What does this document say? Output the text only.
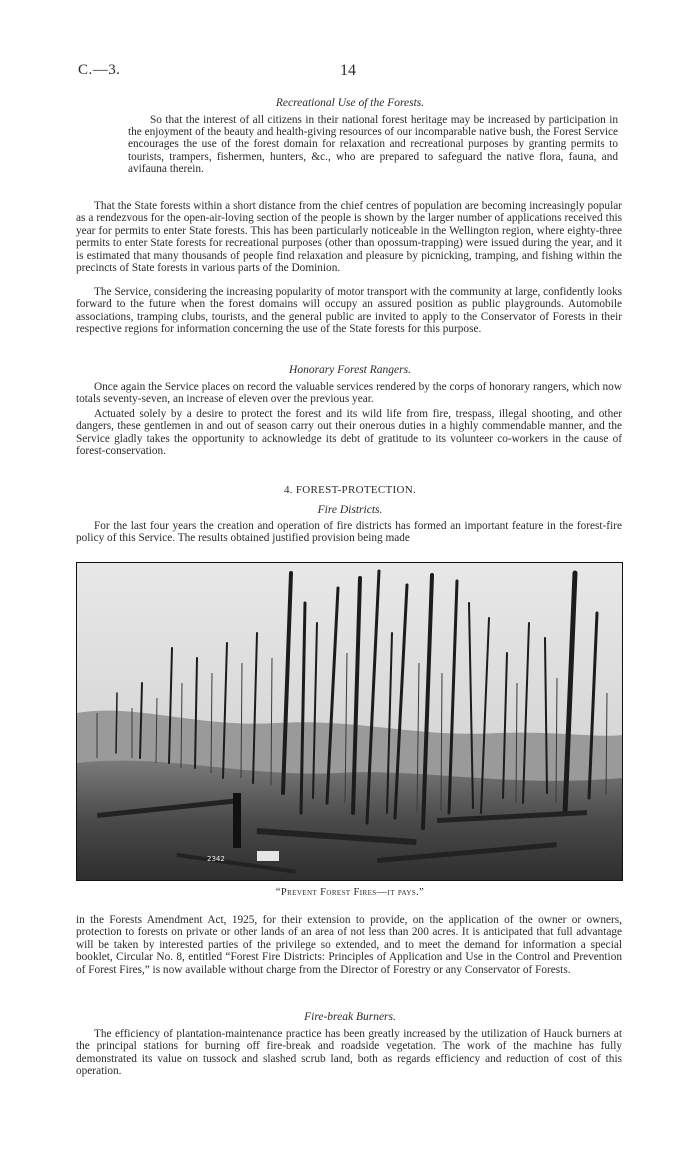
C.—3.	14
Recreational Use of the Forests.

So that the interest of all citizens in their national forest heritage may be increased by participation in the enjoyment of the beauty and health-giving resources of our incomparable native bush, the Forest Service encourages the use of the forest domain for relaxation and recreational purposes by granting permits to tourists, trampers, fishermen, hunters, &c., who are prepared to safeguard the native flora, fauna, and avifauna therein.

That the State forests within a short distance from the chief centres of population are becoming increasingly popular as a rendezvous for the open-air-loving section of the people is shown by the larger number of applications received this year for permits to enter State forests. This has been particularly noticeable in the Wellington region, where eighty-three permits to enter State forests for recreational purposes (other than opossum-trapping) were issued during the year, and it is estimated that many thousands of people find relaxation and pleasure by picnicking, tramping, and fishing within the precincts of State forests in various parts of the Dominion.

The Service, considering the increasing popularity of motor transport with the community at large, confidently looks forward to the future when the forest domains will occupy an assured position as public playgrounds. Automobile associations, tramping clubs, tourists, and the general public are invited to apply to the Conservator of Forests in their respective regions for information concerning the use of the State forests for this purpose.

Honorary Forest Rangers.

Once again the Service places on record the valuable services rendered by the corps of honorary rangers, which now totals seventy-seven, an increase of eleven over the previous year.

Actuated solely by a desire to protect the forest and its wild life from fire, trespass, illegal shooting, and other dangers, these gentlemen in and out of season carry out their onerous duties in a highly commendable manner, and the Service gladly takes the opportunity to acknowledge its debt of gratitude to its volunteer co-workers in the cause of forest-conservation.

4. FOREST-PROTECTION.
Fire Districts.

For the last four years the creation and operation of fire districts has formed an important feature in the forest-fire policy of this Service. The results obtained justified provision being made

2342
“Prevent Forest Fires—it pays.”

in the Forests Amendment Act, 1925, for their extension to provide, on the application of the owner or owners, protection to forests on private or other lands of an area of not less than 200 acres. It is anticipated that full advantage will be taken by interested parties of the privilege so extended, and to meet the demand for information a special booklet, Circular No. 8, entitled “Forest Fire Districts: Principles of Application and Use in the Control and Prevention of Forest Fires,” is now available without charge from the Director of Forestry or any Conservator of Forests.

Fire-break Burners.

The efficiency of plantation-maintenance practice has been greatly increased by the utilization of Hauck burners at the principal stations for burning off fire-break and roadside vegetation. The work of the machine has fully demonstrated its value on tussock and slashed scrub land, both as regards efficiency and reduction of cost of this operation.
